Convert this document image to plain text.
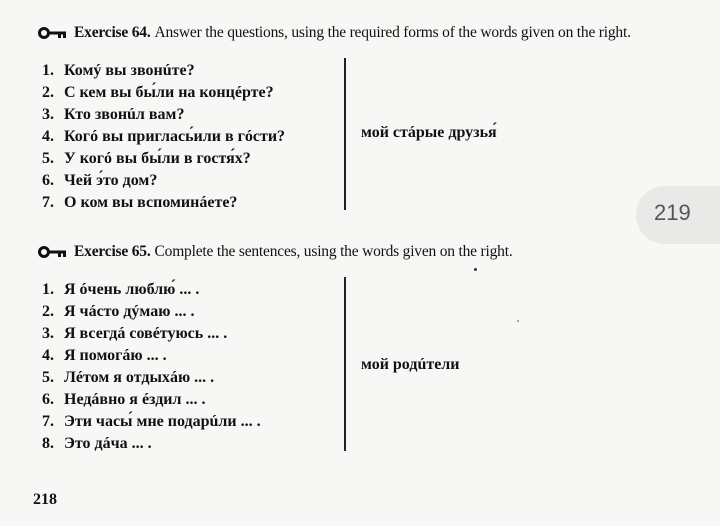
Exercise 64. Answer the questions, using the required forms of the words given on the right.
1. Комý вы звонúте?
2. С кем вы бы́ли на концéрте?
3. Кто звонúл вам?
4. Когó вы приглась́или в гóсти?
5. У когó вы бы́ли в гостя́х?
6. Чей э́то дом?
7. О ком вы вспоминáете?
мой стáрые друзья́
Exercise 65. Complete the sentences, using the words given on the right.
1. Я óчень люблю́ ... .
2. Я чáсто дýмаю ... .
3. Я всегдá совéтуюсь ... .
4. Я помогáю ... .
5. Лéтом я отдыхáю ... .
6. Недáвно я éздил ... .
7. Эти часы́ мне подарúли ... .
8. Это дáча ... .
мой родúтели
218
219
